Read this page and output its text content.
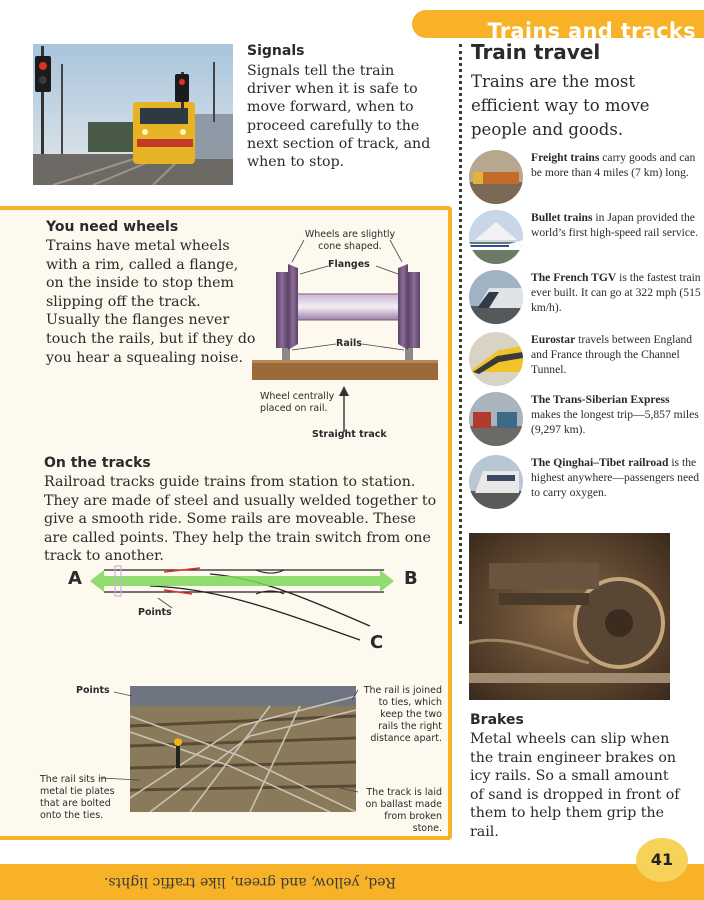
Trains and tracks
Signals
Signals tell the train driver when it is safe to move forward, when to proceed carefully to the next section of track, and when to stop.
Train travel
Trains are the most efficient way to move people and goods.
Freight trains carry goods and can be more than 4 miles (7 km) long.
Bullet trains in Japan provided the world’s first high-speed rail service.
The French TGV is the fastest train ever built. It can go at 322 mph (515 km/h).
Eurostar travels between England and France through the Channel Tunnel.
The Trans-Siberian Express makes the longest trip—5,857 miles (9,297 km).
The Qinghai–Tibet railroad is the highest anywhere—passengers need to carry oxygen.
You need wheels
Trains have metal wheels with a rim, called a flange, on the inside to stop them slipping off the track. Usually the flanges never touch the rails, but if they do you hear a squealing noise.
Wheels are slightly cone shaped.
Flanges
Rails
Wheel centrally placed on rail.
Straight track
On the tracks
Railroad tracks guide trains from station to station. They are made of steel and usually welded together to give a smooth ride. Some rails are moveable. These are called points. They help the train switch from one track to another.
A	B
C
Points
Points	The rail is joined to ties, which keep the two rails the right distance apart.
The rail sits in metal tie plates that are bolted onto the ties.
The track is laid on ballast made from broken stone.
Brakes
Metal wheels can slip when the train engineer brakes on icy rails. So a small amount of sand is dropped in front of them to help them grip the rail.
Red, yellow, and green, like traffic lights.
41
